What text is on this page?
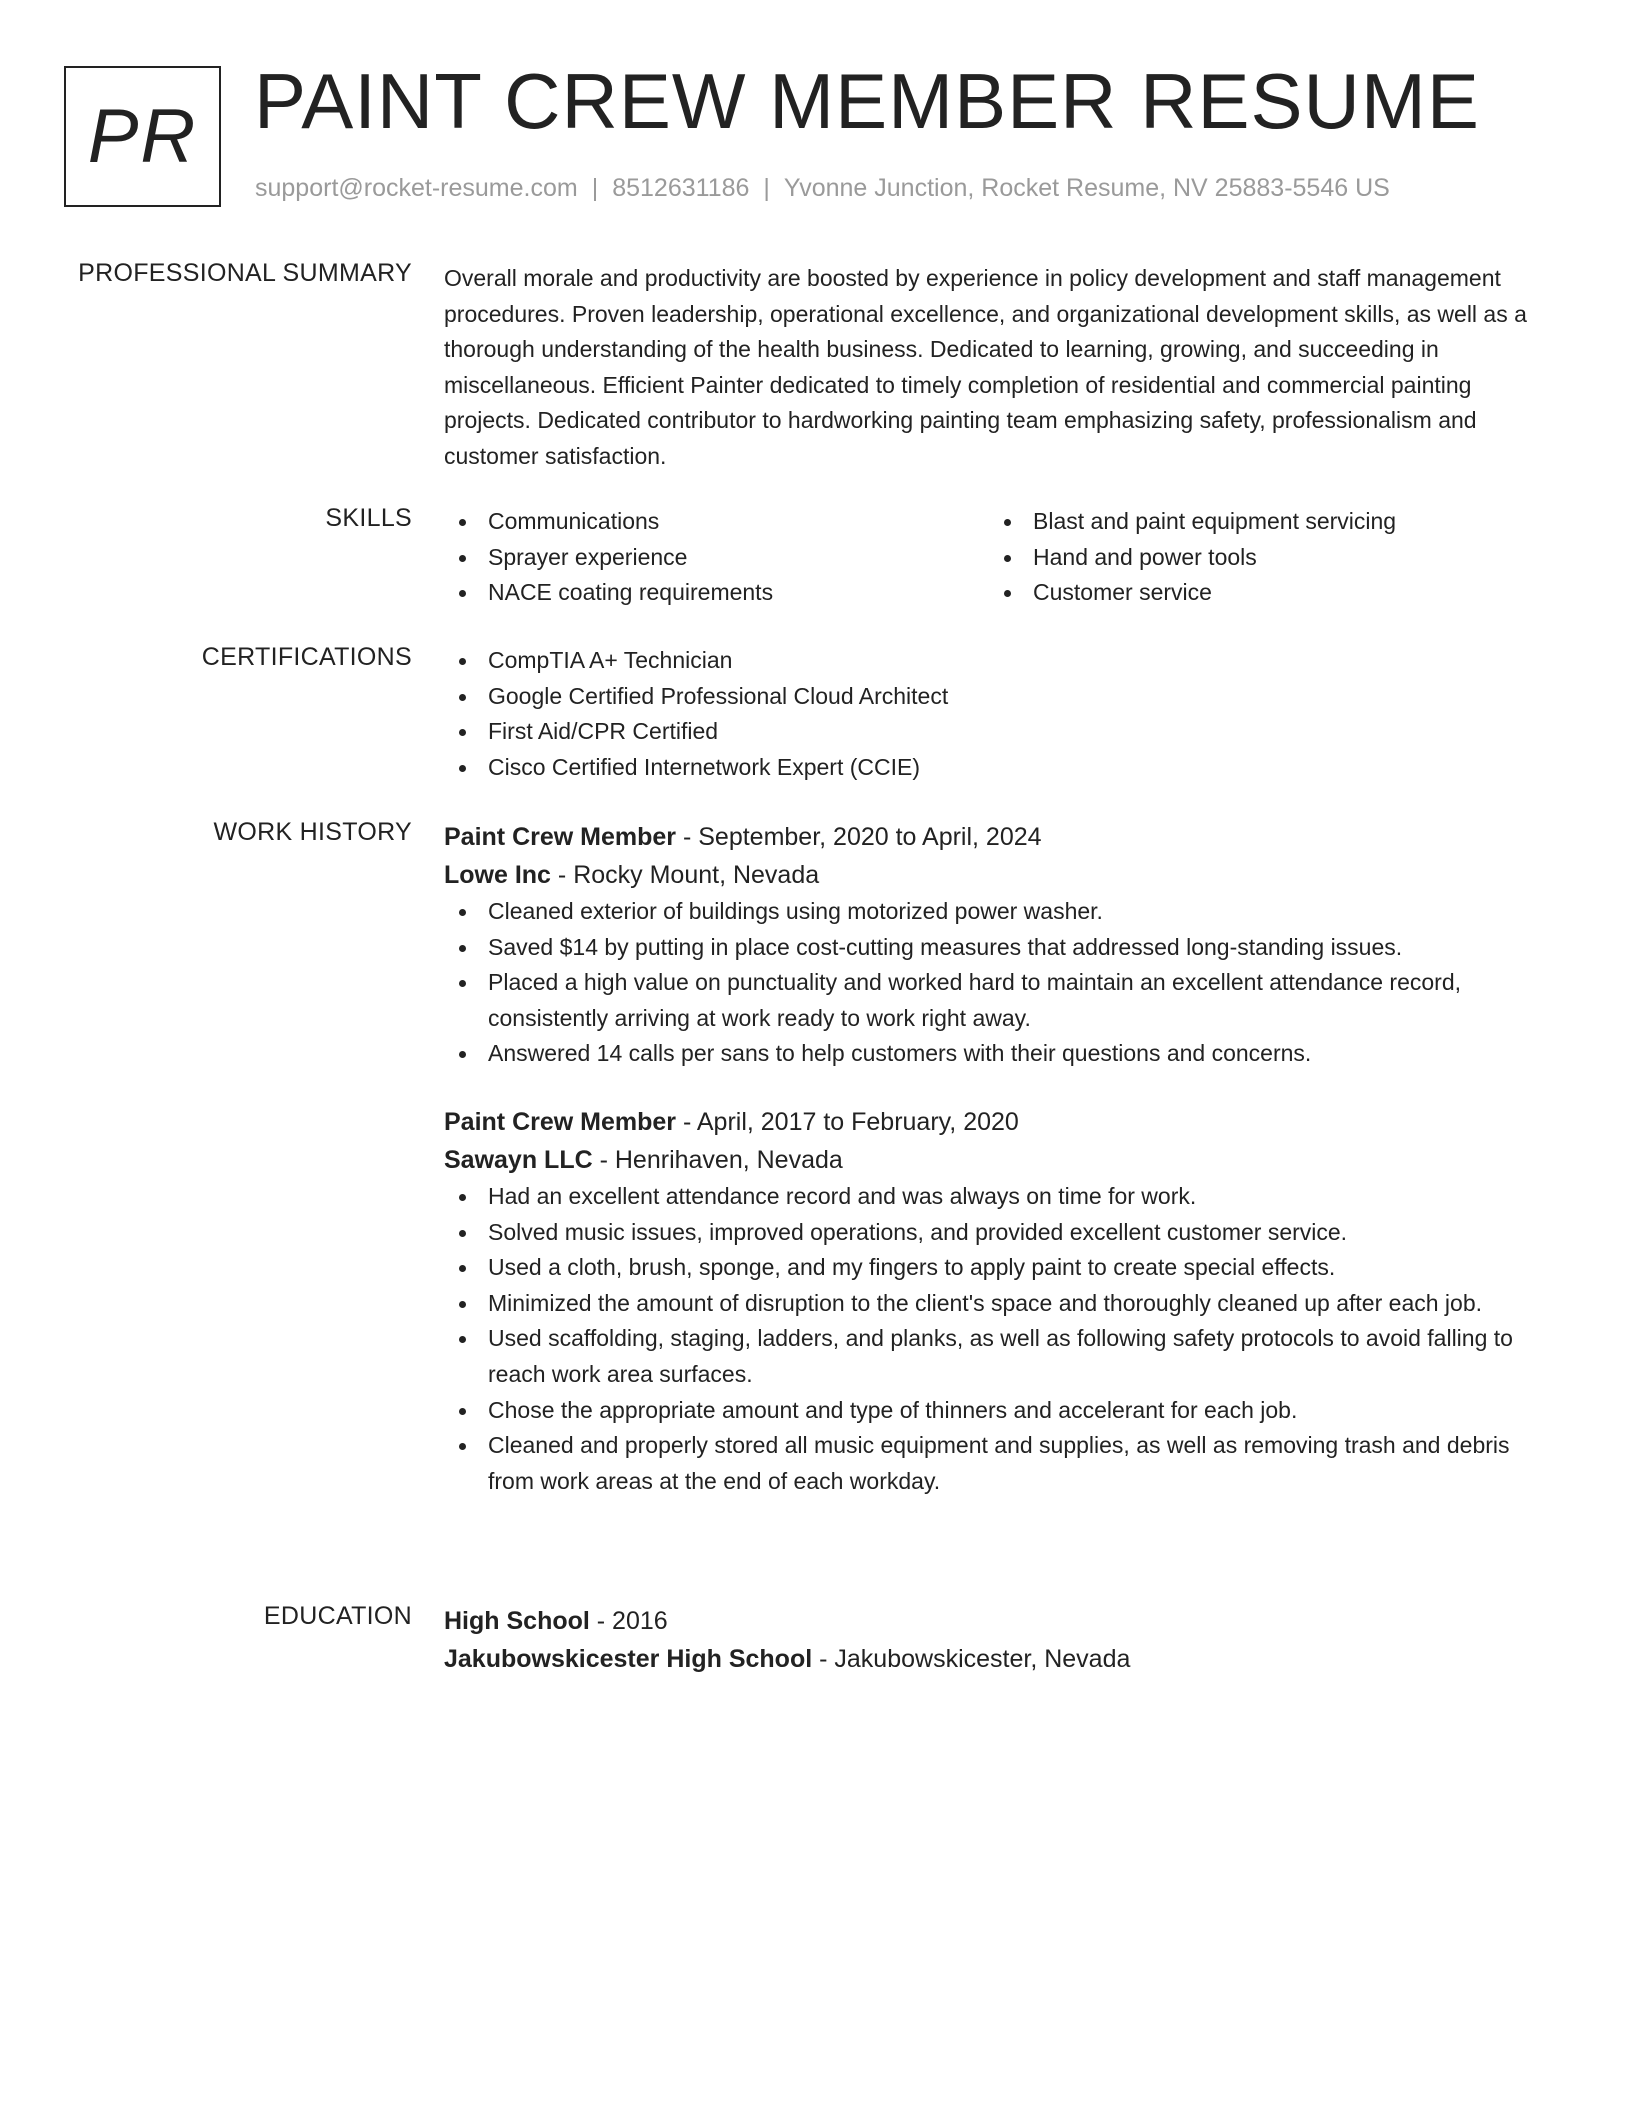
PR PAINT CREW MEMBER RESUME
support@rocket-resume.com | 8512631186 | Yvonne Junction, Rocket Resume, NV 25883-5546 US
PROFESSIONAL SUMMARY Overall morale and productivity are boosted by experience in policy development and staff management procedures. Proven leadership, operational excellence, and organizational development skills, as well as a thorough understanding of the health business. Dedicated to learning, growing, and succeeding in miscellaneous. Efficient Painter dedicated to timely completion of residential and commercial painting projects. Dedicated contributor to hardworking painting team emphasizing safety, professionalism and customer satisfaction.

SKILLS	Communications
Sprayer experience
NACE coating requirements
Blast and paint equipment servicing
Hand and power tools
Customer service
CERTIFICATIONS	CompTIA A+ Technician
Google Certified Professional Cloud Architect
First Aid/CPR Certified
Cisco Certified Internetwork Expert (CCIE)
WORK HISTORY Paint Crew Member - September, 2020 to April, 2024
Lowe Inc - Rocky Mount, Nevada
Cleaned exterior of buildings using motorized power washer.
Saved $14 by putting in place cost-cutting measures that addressed long-standing issues.
Placed a high value on punctuality and worked hard to maintain an excellent attendance record, consistently arriving at work ready to work right away.
Answered 14 calls per sans to help customers with their questions and concerns.
Paint Crew Member - April, 2017 to February, 2020
Sawayn LLC - Henrihaven, Nevada
Had an excellent attendance record and was always on time for work.
Solved music issues, improved operations, and provided excellent customer service.
Used a cloth, brush, sponge, and my fingers to apply paint to create special effects.
Minimized the amount of disruption to the client's space and thoroughly cleaned up after each job.
Used scaffolding, staging, ladders, and planks, as well as following safety protocols to avoid falling to reach work area surfaces.
Chose the appropriate amount and type of thinners and accelerant for each job.
Cleaned and properly stored all music equipment and supplies, as well as removing trash and debris from work areas at the end of each workday.
EDUCATION High School - 2016
Jakubowskicester High School - Jakubowskicester, Nevada
